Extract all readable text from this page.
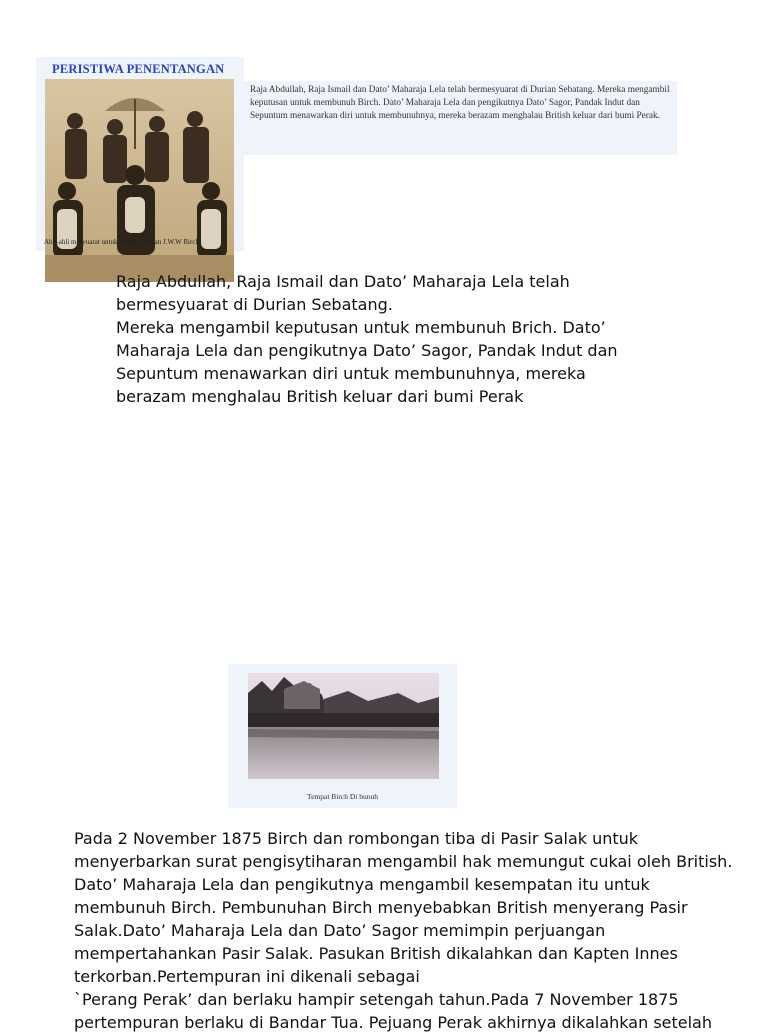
PERISTIWA PENENTANGAN
Ahli-ahli mesyuarat untuk menghapuskan J.W.W Birch
Raja Abdullah, Raja Ismail dan Dato’ Maharaja Lela telah bermesyuarat di Durian Sebatang. Mereka mengambil keputusan untuk membunuh Birch. Dato’ Maharaja Lela dan pengikutnya Dato’ Sagor, Pandak Indut dan Sepuntum menawarkan diri untuk membunuhnya, mereka berazam menghalau British keluar dari bumi Perak.
Raja Abdullah, Raja Ismail dan Dato’ Maharaja Lela telah
bermesyuarat di Durian Sebatang.
Mereka mengambil keputusan untuk membunuh Brich. Dato’
Maharaja Lela dan pengikutnya Dato’ Sagor, Pandak Indut dan
Sepuntum menawarkan diri untuk membunuhnya, mereka
berazam menghalau British keluar dari bumi Perak
Tempat Birch Di bunuh
Pada 2 November 1875 Birch dan rombongan tiba di Pasir Salak untuk
menyerbarkan surat pengisytiharan mengambil hak memungut cukai oleh British.
Dato’ Maharaja Lela dan pengikutnya mengambil kesempatan itu untuk
membunuh Birch. Pembunuhan Birch menyebabkan British menyerang Pasir
Salak.Dato’ Maharaja Lela dan Dato’ Sagor memimpin perjuangan
mempertahankan Pasir Salak. Pasukan British dikalahkan dan Kapten Innes
terkorban.Pertempuran ini dikenali sebagai
`Perang Perak’ dan berlaku hampir setengah tahun.Pada 7 November 1875
pertempuran berlaku di Bandar Tua. Pejuang Perak akhirnya dikalahkan setelah
